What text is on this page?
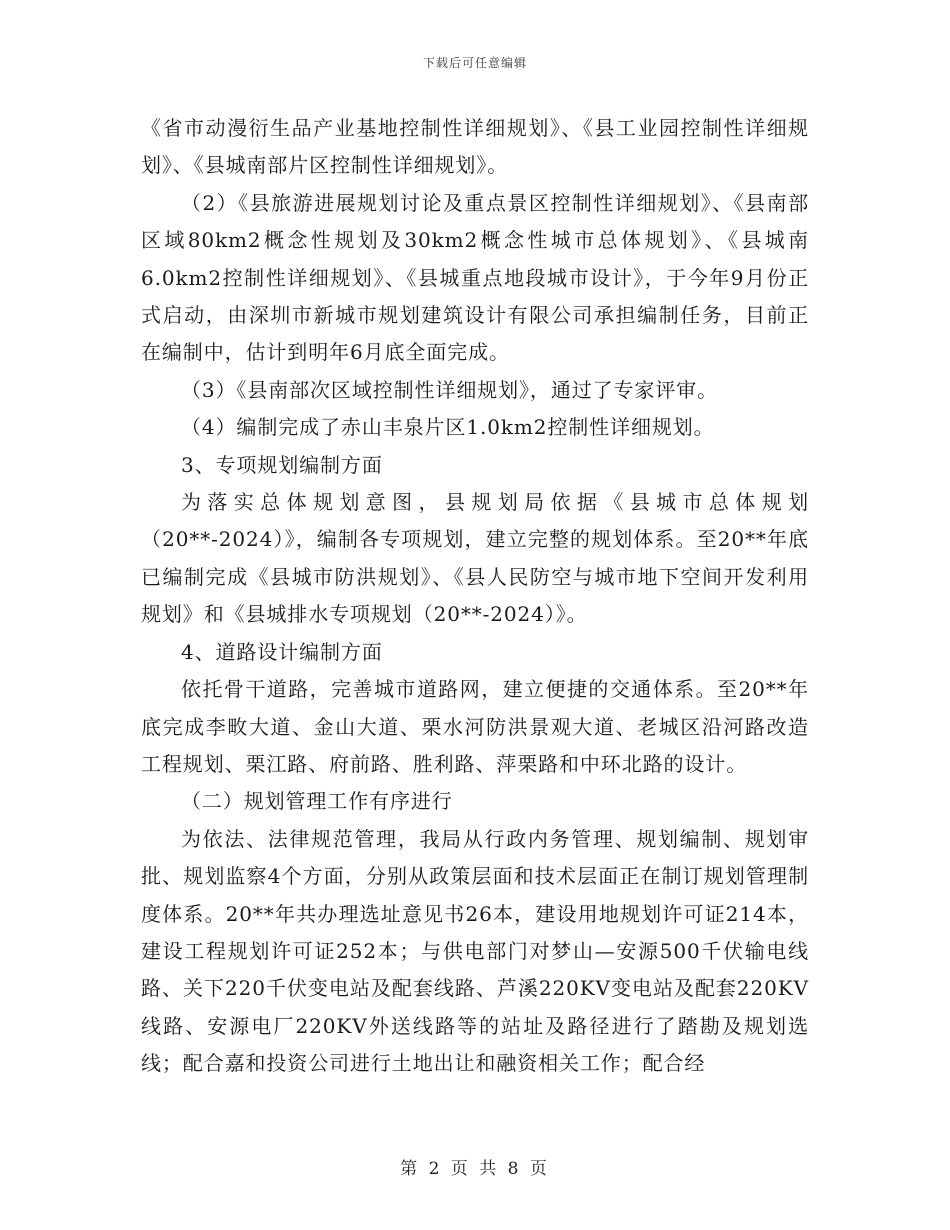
下载后可任意编辑

《省市动漫衍生品产业基地控制性详细规划》、《县工业园控制性详细规划》、《县城南部片区控制性详细规划》。

（2）《县旅游进展规划讨论及重点景区控制性详细规划》、《县南部区域80km2概念性规划及30km2概念性城市总体规划》、《县城南6.0km2控制性详细规划》、《县城重点地段城市设计》，于今年9月份正式启动，由深圳市新城市规划建筑设计有限公司承担编制任务，目前正在编制中，估计到明年6月底全面完成。

（3）《县南部次区域控制性详细规划》，通过了专家评审。

（4）编制完成了赤山丰泉片区1.0km2控制性详细规划。

3、专项规划编制方面

为落实总体规划意图，县规划局依据《县城市总体规划（20**-2024）》，编制各专项规划，建立完整的规划体系。至20**年底已编制完成《县城市防洪规划》、《县人民防空与城市地下空间开发利用规划》和《县城排水专项规划（20**-2024）》。

4、道路设计编制方面

依托骨干道路，完善城市道路网，建立便捷的交通体系。至20**年底完成李畋大道、金山大道、栗水河防洪景观大道、老城区沿河路改造工程规划、栗江路、府前路、胜利路、萍栗路和中环北路的设计。

（二）规划管理工作有序进行

为依法、法律规范管理，我局从行政内务管理、规划编制、规划审批、规划监察4个方面，分别从政策层面和技术层面正在制订规划管理制度体系。20**年共办理选址意见书26本，建设用地规划许可证214本，建设工程规划许可证252本；与供电部门对梦山—安源500千伏输电线路、关下220千伏变电站及配套线路、芦溪220KV变电站及配套220KV线路、安源电厂220KV外送线路等的站址及路径进行了踏勘及规划选线；配合嘉和投资公司进行土地出让和融资相关工作；配合经

第 2 页 共 8 页
